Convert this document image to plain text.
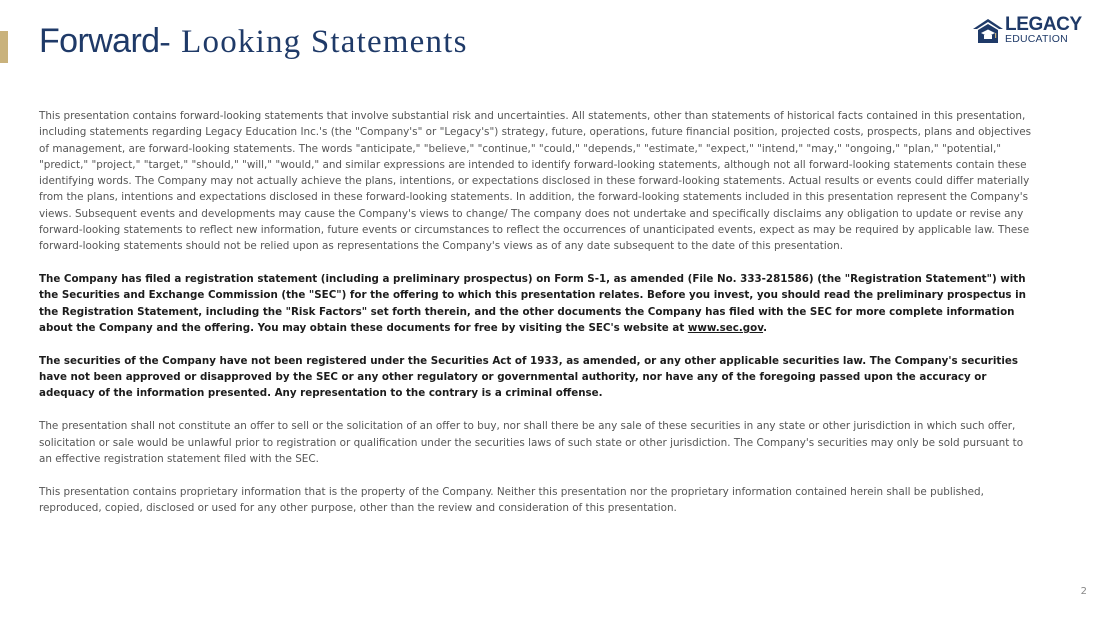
Forward- Looking Statements	LEGACY
EDUCATION

This presentation contains forward-looking statements that involve substantial risk and uncertainties. All statements, other than statements of historical facts contained in this presentation, including statements regarding Legacy Education Inc.'s (the "Company's" or "Legacy's") strategy, future, operations, future financial position, projected costs, prospects, plans and objectives of management, are forward-looking statements. The words "anticipate," "believe," "continue," "could," "depends," "estimate," "expect," "intend," "may," "ongoing," "plan," "potential," "predict," "project," "target," "should," "will," "would," and similar expressions are intended to identify forward-looking statements, although not all forward-looking statements contain these identifying words. The Company may not actually achieve the plans, intentions, or expectations disclosed in these forward-looking statements. Actual results or events could differ materially from the plans, intentions and expectations disclosed in these forward-looking statements. In addition, the forward-looking statements included in this presentation represent the Company's views. Subsequent events and developments may cause the Company's views to change/ The company does not undertake and specifically disclaims any obligation to update or revise any forward-looking statements to reflect new information, future events or circumstances to reflect the occurrences of unanticipated events, expect as may be required by applicable law. These forward-looking statements should not be relied upon as representations the Company's views as of any date subsequent to the date of this presentation.

The Company has filed a registration statement (including a preliminary prospectus) on Form S-1, as amended (File No. 333-281586) (the "Registration Statement") with the Securities and Exchange Commission (the "SEC") for the offering to which this presentation relates. Before you invest, you should read the preliminary prospectus in the Registration Statement, including the "Risk Factors" set forth therein, and the other documents the Company has filed with the SEC for more complete information about the Company and the offering. You may obtain these documents for free by visiting the SEC's website at www.sec.gov.

The securities of the Company have not been registered under the Securities Act of 1933, as amended, or any other applicable securities law. The Company's securities have not been approved or disapproved by the SEC or any other regulatory or governmental authority, nor have any of the foregoing passed upon the accuracy or adequacy of the information presented. Any representation to the contrary is a criminal offense.

The presentation shall not constitute an offer to sell or the solicitation of an offer to buy, nor shall there be any sale of these securities in any state or other jurisdiction in which such offer, solicitation or sale would be unlawful prior to registration or qualification under the securities laws of such state or other jurisdiction. The Company's securities may only be sold pursuant to an effective registration statement filed with the SEC.

This presentation contains proprietary information that is the property of the Company. Neither this presentation nor the proprietary information contained herein shall be published, reproduced, copied, disclosed or used for any other purpose, other than the review and consideration of this presentation.

2
